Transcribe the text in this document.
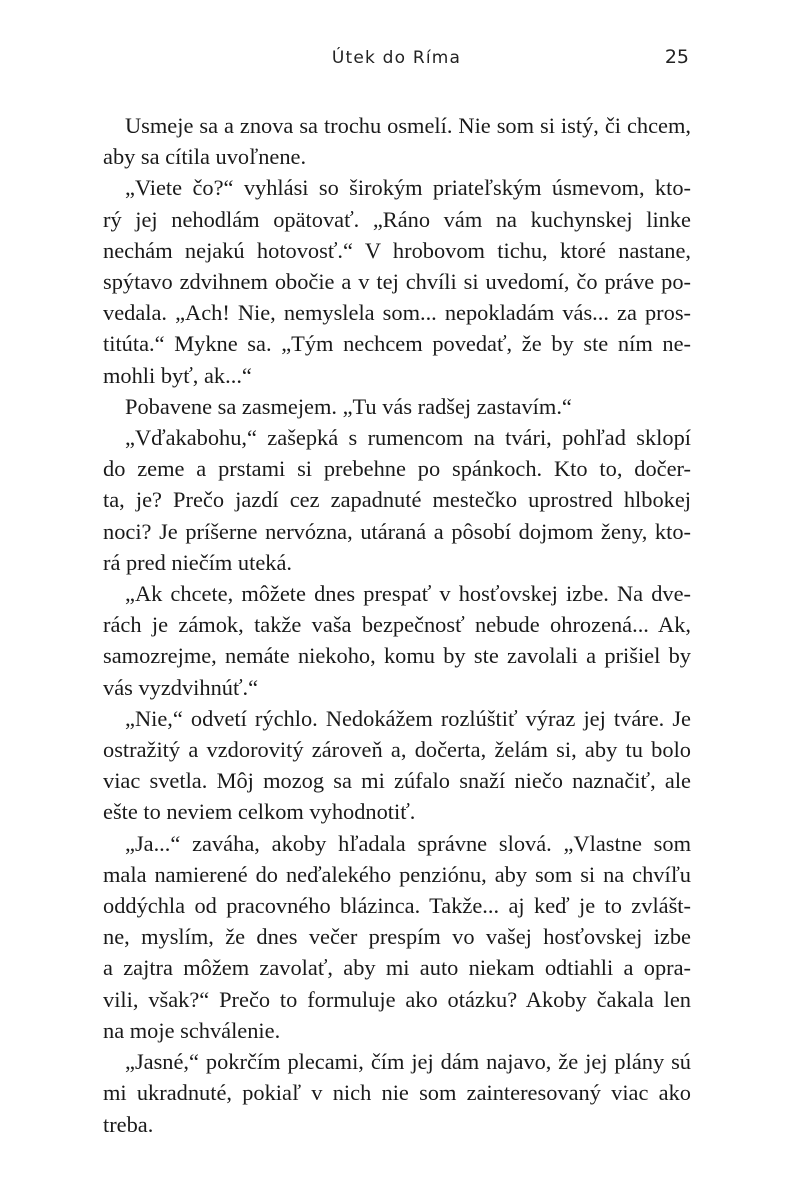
Útek do Ríma	25

Usmeje sa a znova sa trochu osmelí. Nie som si istý, či chcem,

aby sa cítila uvoľnene.

„Viete čo?“ vyhlási so širokým priateľským úsmevom, kto-

rý jej nehodlám opätovať. „Ráno vám na kuchynskej linke

nechám nejakú hotovosť.“ V hrobovom tichu, ktoré nastane,

spýtavo zdvihnem obočie a v tej chvíli si uvedomí, čo práve po-

vedala. „Ach! Nie, nemyslela som... nepokladám vás... za pros-

titúta.“ Mykne sa. „Tým nechcem povedať, že by ste ním ne-

mohli byť, ak...“

Pobavene sa zasmejem. „Tu vás radšej zastavím.“

„Vďakabohu,“ zašepká s rumencom na tvári, pohľad sklopí

do zeme a prstami si prebehne po spánkoch. Kto to, dočer-

ta, je? Prečo jazdí cez zapadnuté mestečko uprostred hlbokej

noci? Je príšerne nervózna, utáraná a pôsobí dojmom ženy, kto-

rá pred niečím uteká.

„Ak chcete, môžete dnes prespať v hosťovskej izbe. Na dve-

rách je zámok, takže vaša bezpečnosť nebude ohrozená... Ak,

samozrejme, nemáte niekoho, komu by ste zavolali a prišiel by

vás vyzdvihnúť.“

„Nie,“ odvetí rýchlo. Nedokážem rozlúštiť výraz jej tváre. Je

ostražitý a vzdorovitý zároveň a, dočerta, želám si, aby tu bolo

viac svetla. Môj mozog sa mi zúfalo snaží niečo naznačiť, ale

ešte to neviem celkom vyhodnotiť.

„Ja...“ zaváha, akoby hľadala správne slová. „Vlastne som

mala namierené do neďalekého penziónu, aby som si na chvíľu

oddýchla od pracovného blázinca. Takže... aj keď je to zvlášt-

ne, myslím, že dnes večer prespím vo vašej hosťovskej izbe

a zajtra môžem zavolať, aby mi auto niekam odtiahli a opra-

vili, však?“ Prečo to formuluje ako otázku? Akoby čakala len

na moje schválenie.

„Jasné,“ pokrčím plecami, čím jej dám najavo, že jej plány sú

mi ukradnuté, pokiaľ v nich nie som zainteresovaný viac ako

treba.
